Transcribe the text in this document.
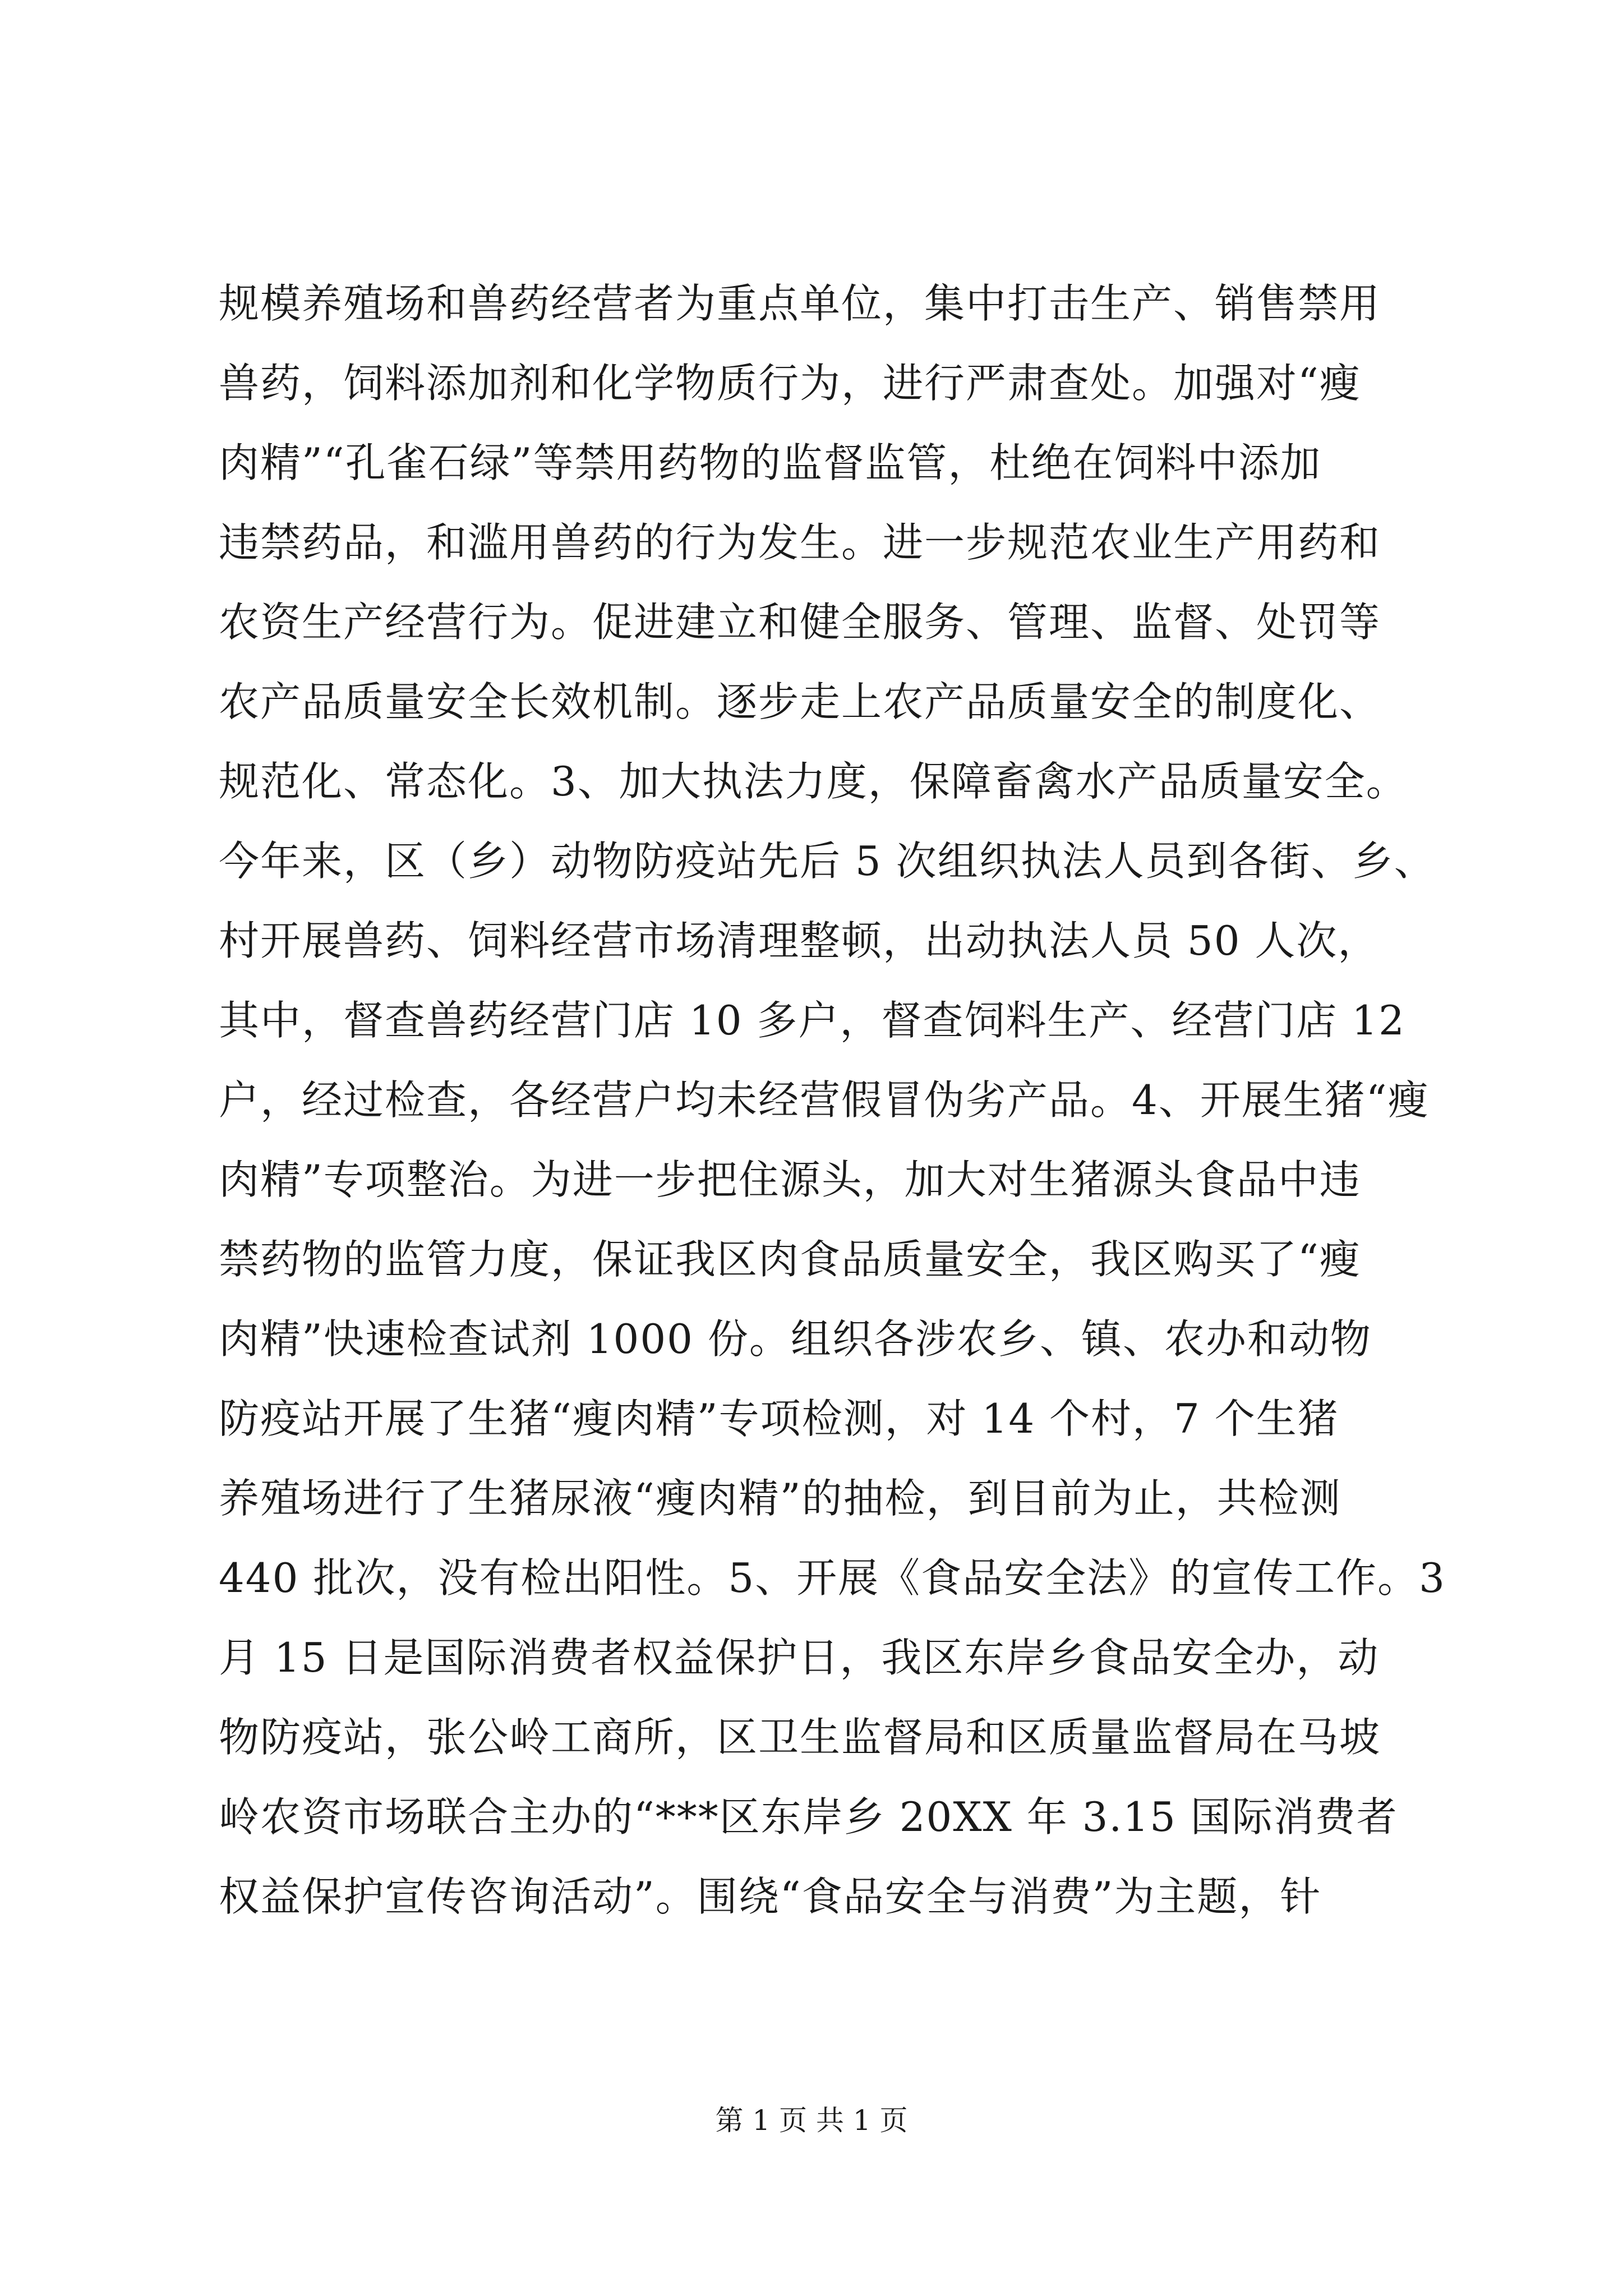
规模养殖场和兽药经营者为重点单位，集中打击生产、销售禁用
兽药，饲料添加剂和化学物质行为，进行严肃查处。加强对“瘦
肉精”“孔雀石绿”等禁用药物的监督监管，杜绝在饲料中添加
违禁药品，和滥用兽药的行为发生。进一步规范农业生产用药和
农资生产经营行为。促进建立和健全服务、管理、监督、处罚等
农产品质量安全长效机制。逐步走上农产品质量安全的制度化、
规范化、常态化。3、加大执法力度，保障畜禽水产品质量安全。
今年来，区（乡）动物防疫站先后 5 次组织执法人员到各街、乡、
村开展兽药、饲料经营市场清理整顿，出动执法人员 50 人次，
其中，督查兽药经营门店 10 多户，督查饲料生产、经营门店 12
户，经过检查，各经营户均未经营假冒伪劣产品。4、开展生猪“瘦
肉精”专项整治。为进一步把住源头，加大对生猪源头食品中违
禁药物的监管力度，保证我区肉食品质量安全，我区购买了“瘦
肉精”快速检查试剂 1000 份。组织各涉农乡、镇、农办和动物
防疫站开展了生猪“瘦肉精”专项检测，对 14 个村，7 个生猪
养殖场进行了生猪尿液“瘦肉精”的抽检，到目前为止，共检测
440 批次，没有检出阳性。5、开展《食品安全法》的宣传工作。3
月 15 日是国际消费者权益保护日，我区东岸乡食品安全办，动
物防疫站，张公岭工商所，区卫生监督局和区质量监督局在马坡
岭农资市场联合主办的“***区东岸乡 20XX 年 3.15 国际消费者
权益保护宣传咨询活动”。围绕“食品安全与消费”为主题，针
第 1 页 共 1 页
